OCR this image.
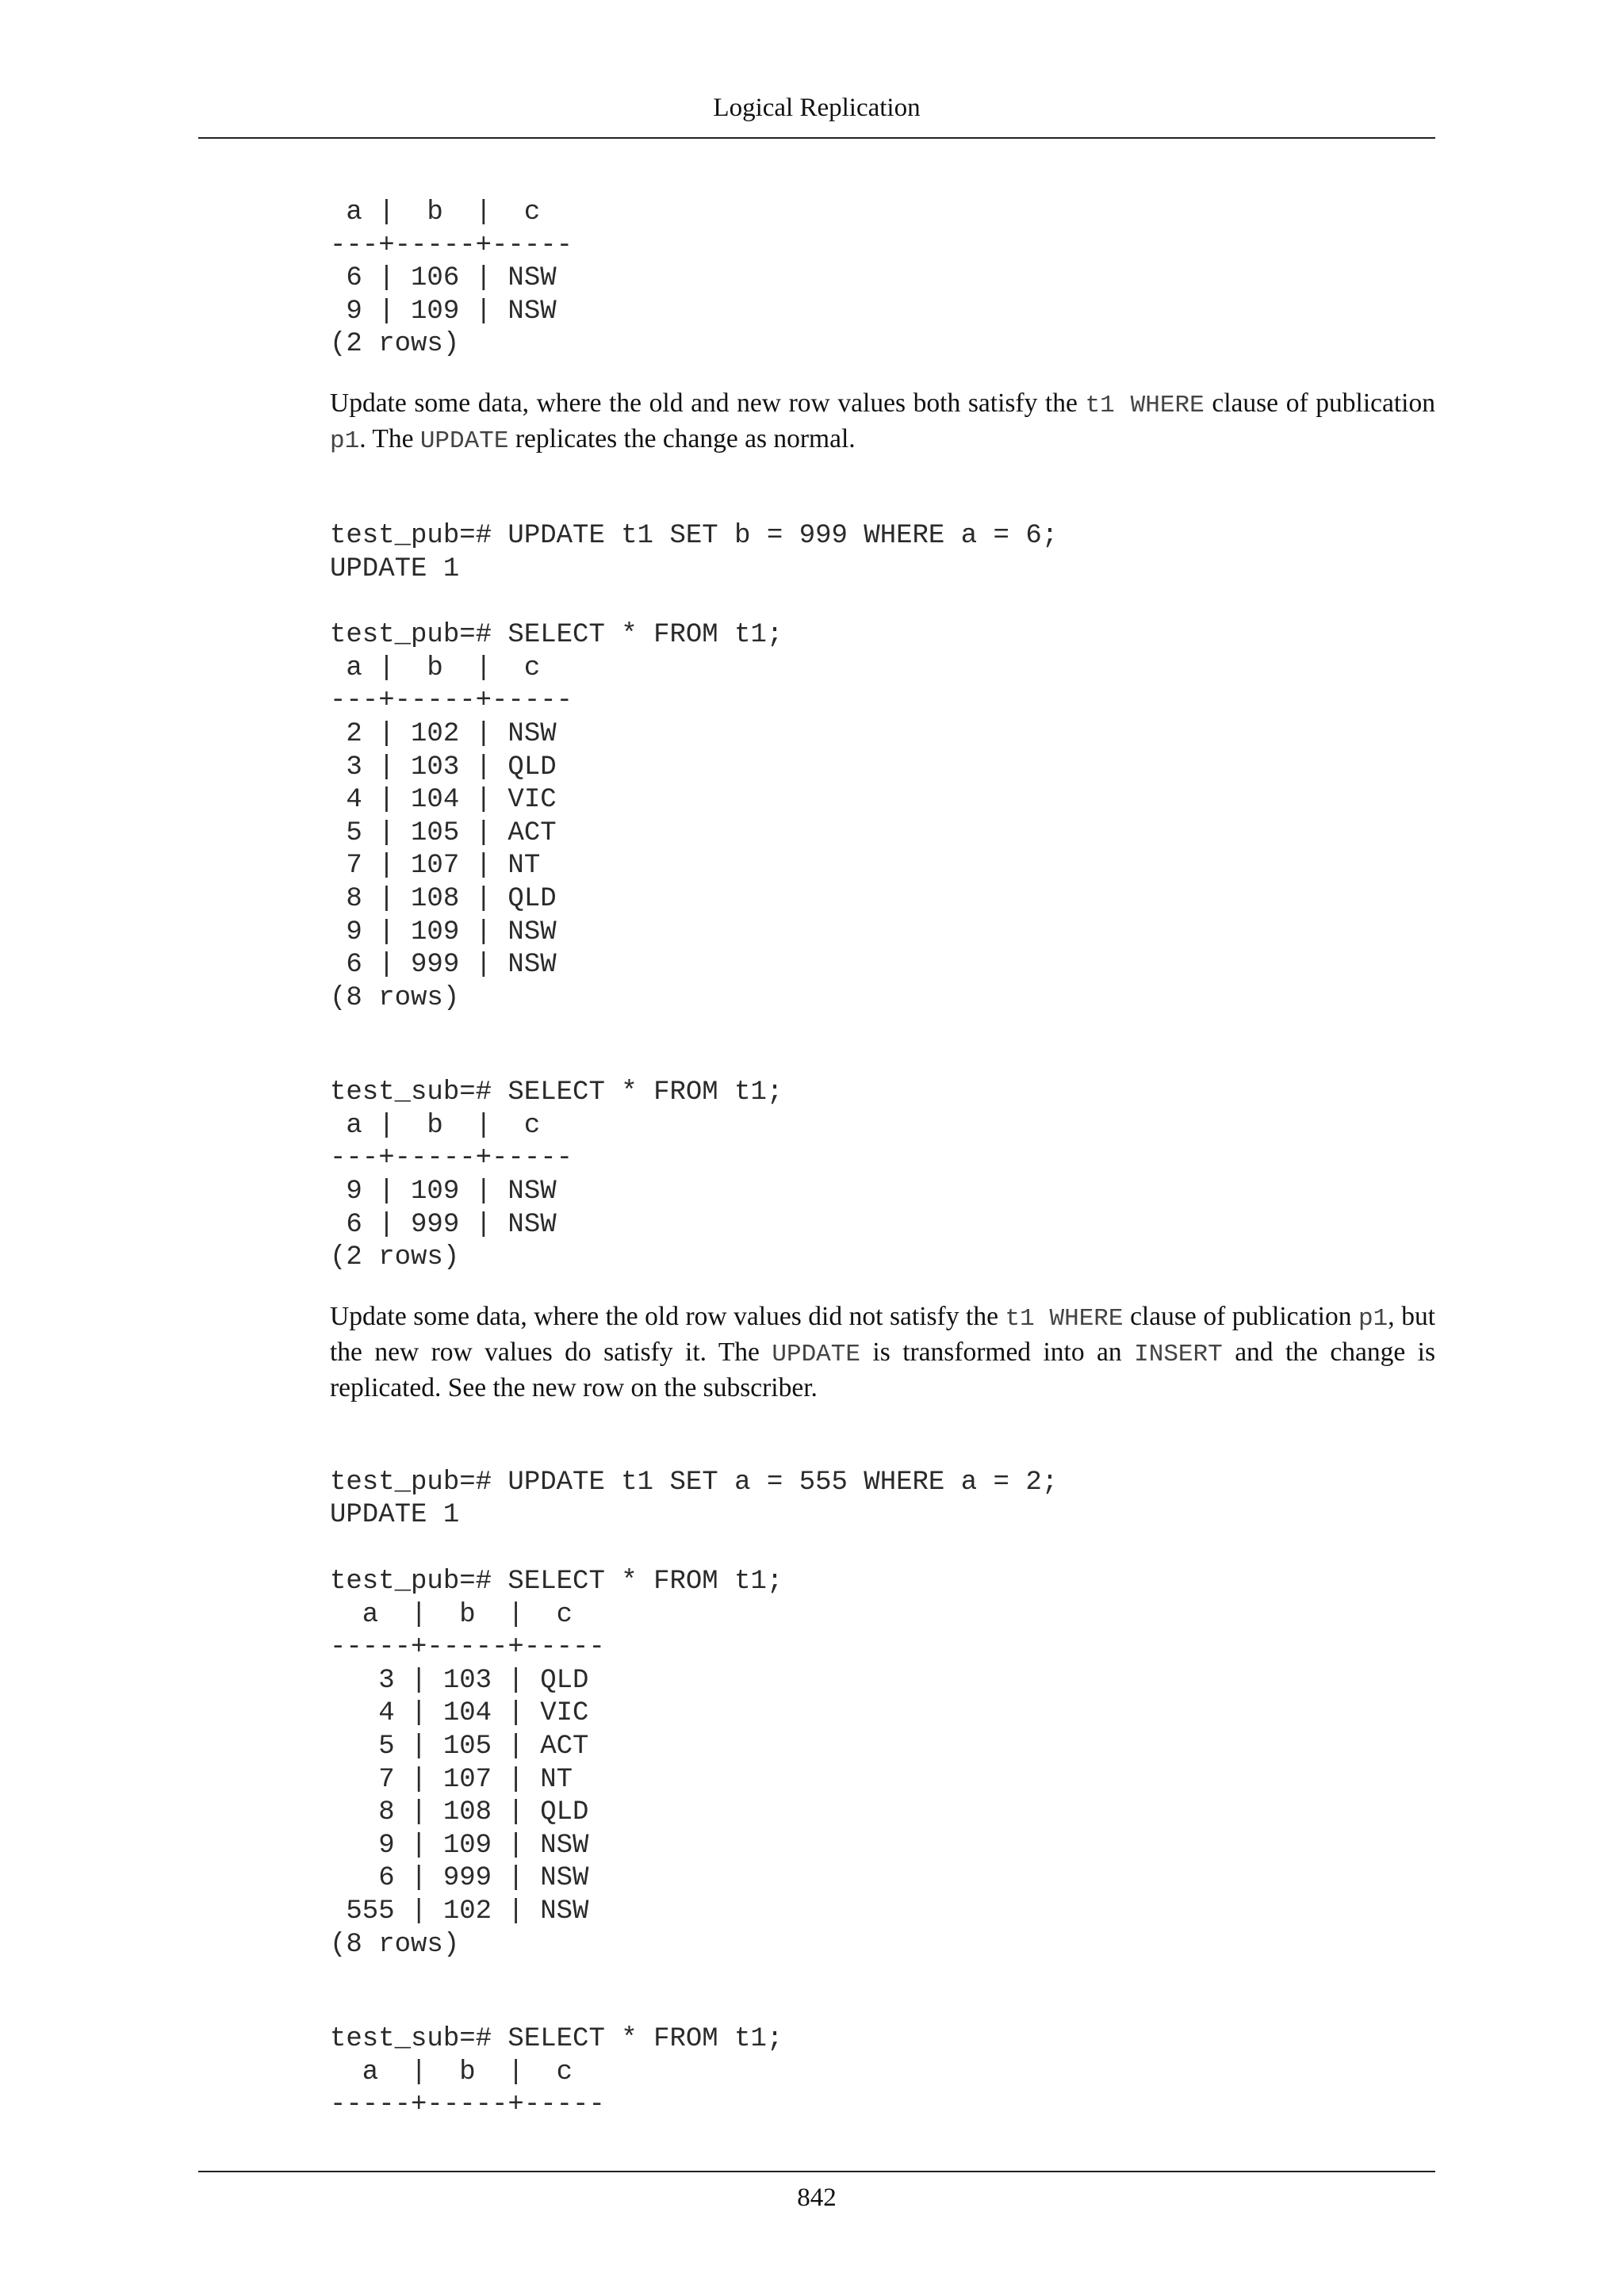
Logical Replication
a |  b  |  c
---+-----+-----
6 | 106 | NSW
9 | 109 | NSW
(2 rows)

Update some data, where the old and new row values both satisfy the t1 WHERE clause of publication p1. The UPDATE replicates the change as normal.

test_pub=# UPDATE t1 SET b = 999 WHERE a = 6;
UPDATE 1
test_pub=# SELECT * FROM t1;
a |  b  |  c
---+-----+-----
2 | 102 | NSW
3 | 103 | QLD
4 | 104 | VIC
5 | 105 | ACT
7 | 107 | NT
8 | 108 | QLD
9 | 109 | NSW
6 | 999 | NSW
(8 rows)
test_sub=# SELECT * FROM t1;
a |  b  |  c
---+-----+-----
9 | 109 | NSW
6 | 999 | NSW
(2 rows)

Update some data, where the old row values did not satisfy the t1 WHERE clause of publication p1, but the new row values do satisfy it. The UPDATE is transformed into an INSERT and the change is replicated. See the new row on the subscriber.

test_pub=# UPDATE t1 SET a = 555 WHERE a = 2;
UPDATE 1
test_pub=# SELECT * FROM t1;
a  |  b  |  c
-----+-----+-----
3 | 103 | QLD
4 | 104 | VIC
5 | 105 | ACT
7 | 107 | NT
8 | 108 | QLD
9 | 109 | NSW
6 | 999 | NSW
555 | 102 | NSW
(8 rows)
test_sub=# SELECT * FROM t1;
a  |  b  |  c
-----+-----+-----
842
